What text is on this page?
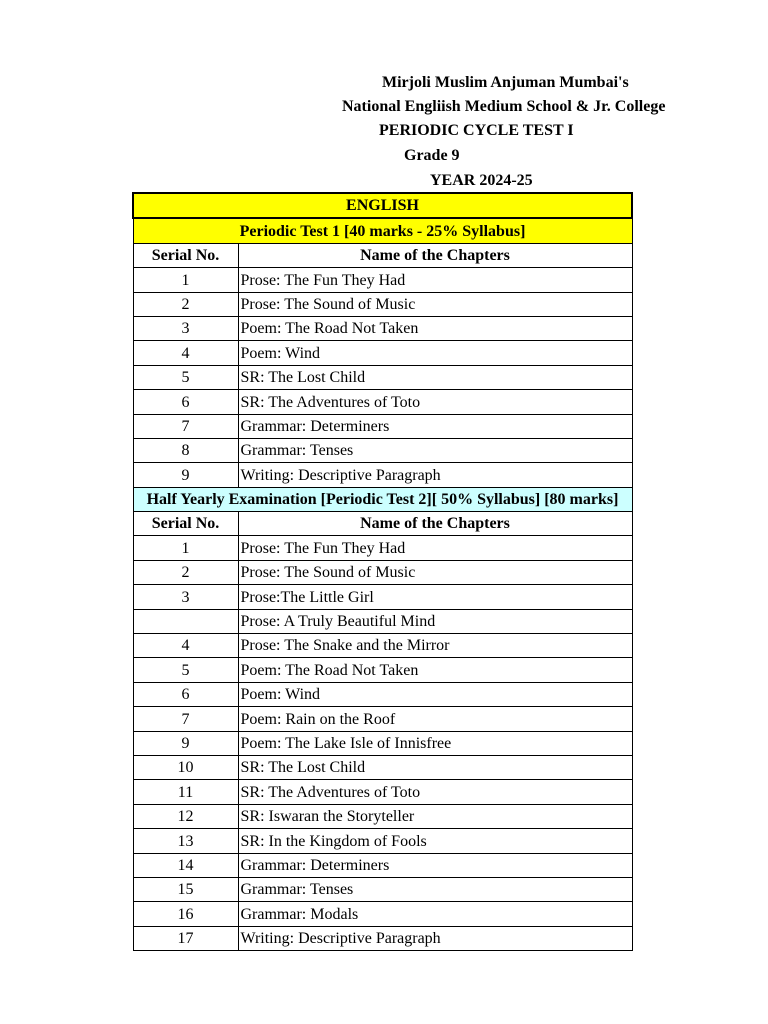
Mirjoli Muslim Anjuman Mumbai's
National Engliish Medium School & Jr. College
PERIODIC CYCLE TEST I
Grade 9
YEAR 2024-25
ENGLISH	
Periodic Test 1 [40 marks - 25% Syllabus]	
Serial No.	Name of the Chapters
1	Prose: The Fun They Had
2	Prose: The Sound of Music
3	Poem: The Road Not Taken
4	Poem: Wind
5	SR: The Lost Child
6	SR: The Adventures of Toto
7	Grammar: Determiners
8	Grammar: Tenses
9	Writing: Descriptive Paragraph

Half Yearly Examination [Periodic Test 2][ 50% Syllabus] [80 marks]	

Serial No.	Name of the Chapters
1	Prose: The Fun They Had
2	Prose: The Sound of Music
3	Prose:The Little Girl
	Prose: A Truly Beautiful Mind
4	Prose: The Snake and the Mirror
5	Poem: The Road Not Taken
6	Poem: Wind
7	Poem: Rain on the Roof
9	Poem: The Lake Isle of Innisfree
10	SR: The Lost Child
11	SR: The Adventures of Toto
12	SR: Iswaran the Storyteller
13	SR: In the Kingdom of Fools
14	Grammar: Determiners
15	Grammar: Tenses
16	Grammar: Modals
17	Writing: Descriptive Paragraph
